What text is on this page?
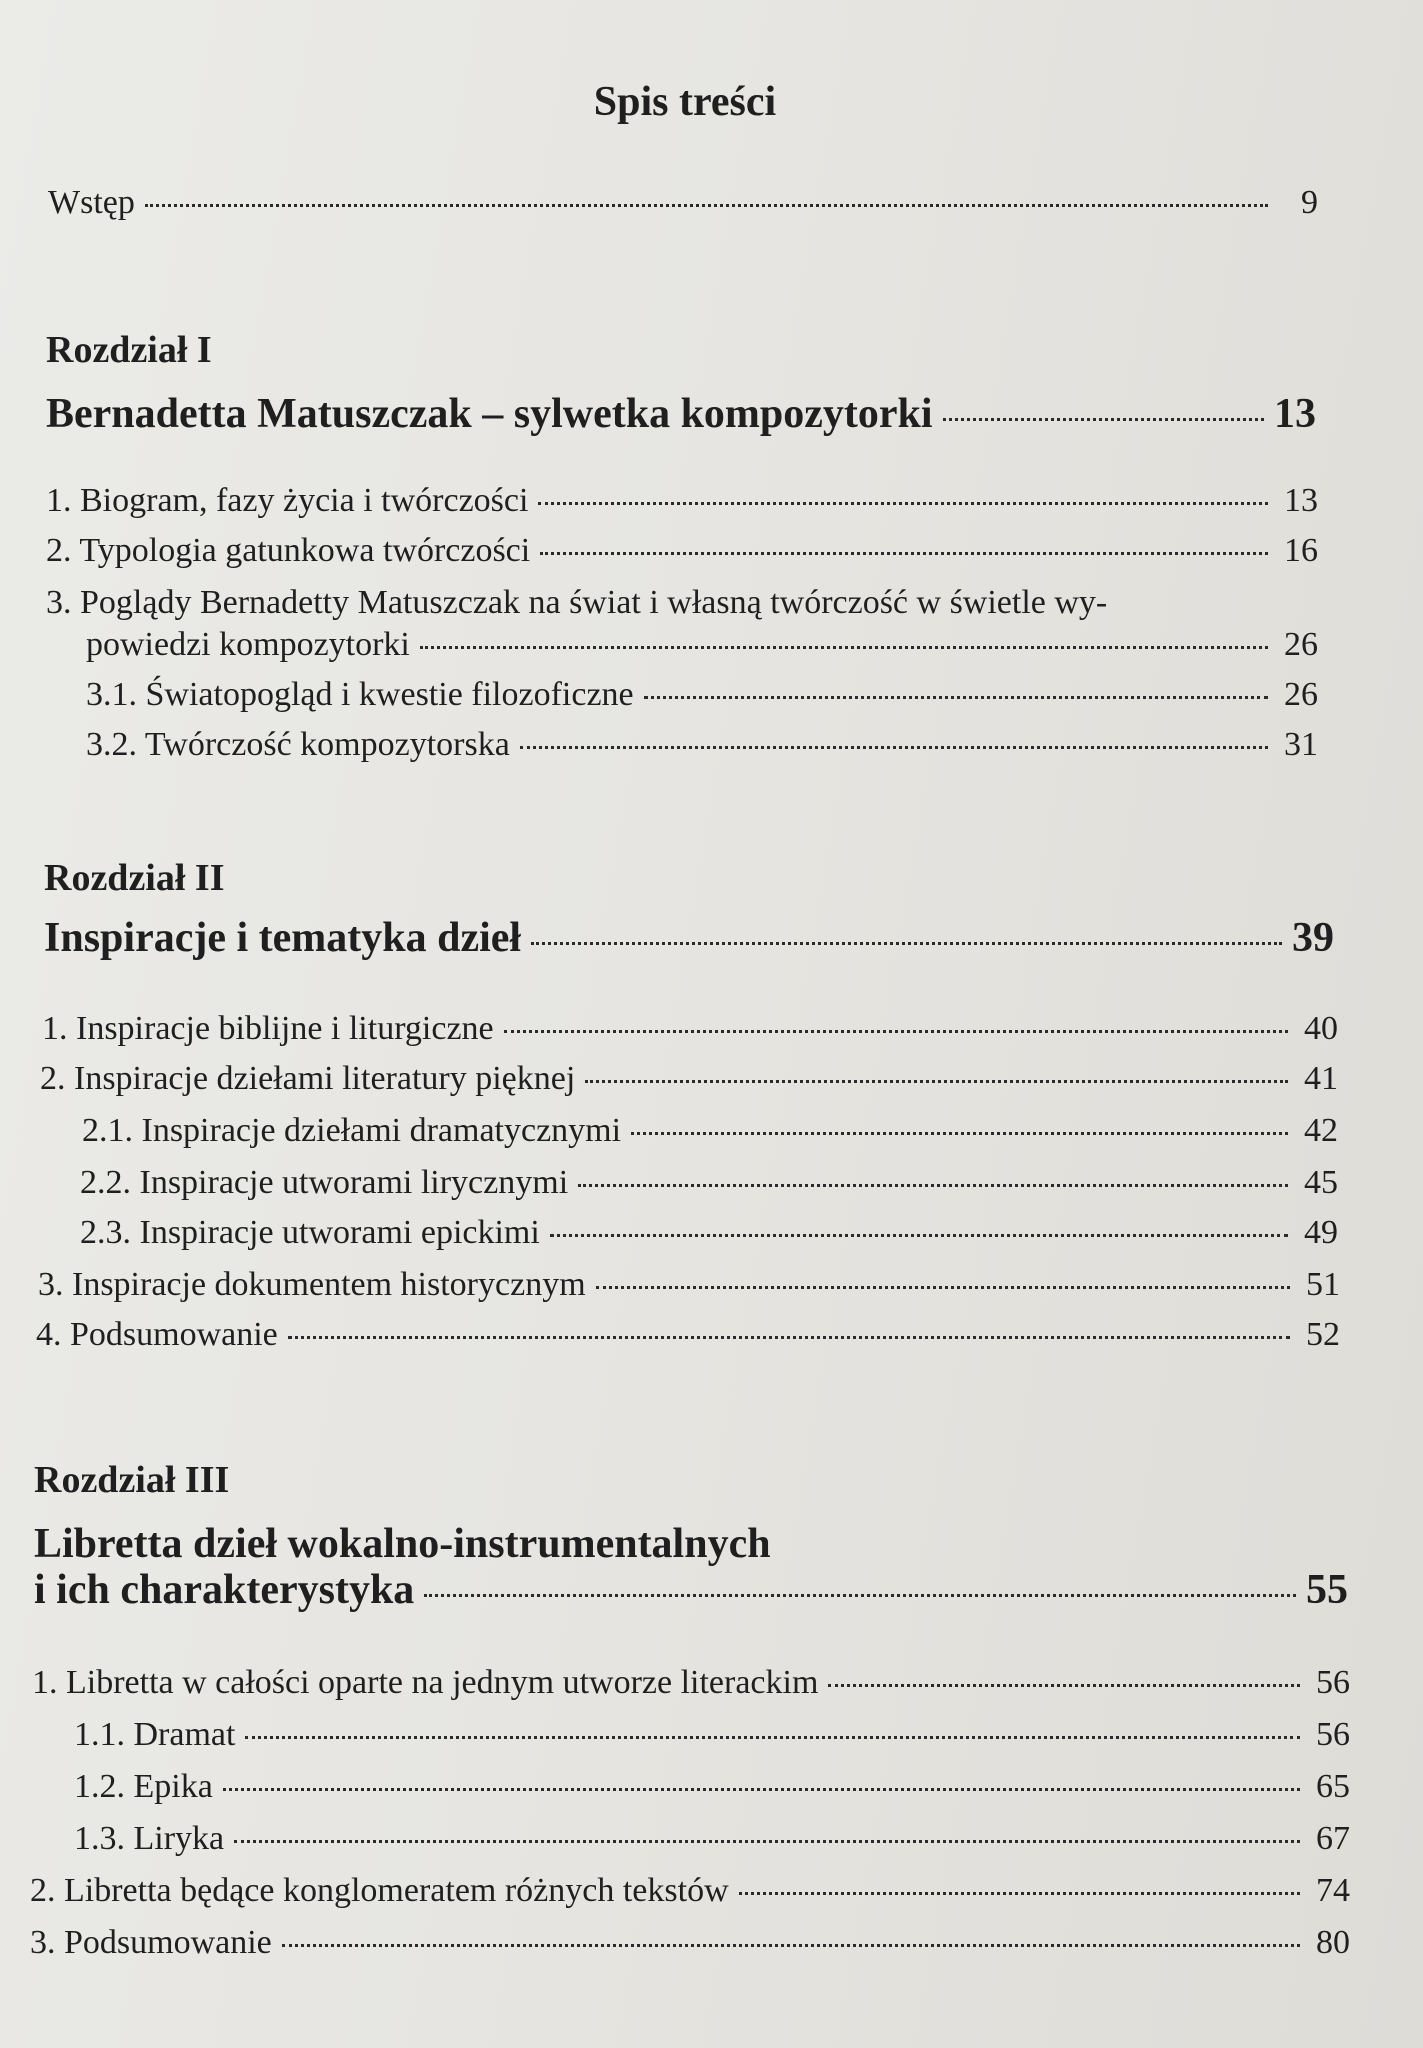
Spis treści
Wstęp	9
Rozdział I
Bernadetta Matuszczak – sylwetka kompozytorki	13
1. Biogram, fazy życia i twórczości	13
2. Typologia gatunkowa twórczości	16
3. Poglądy Bernadetty Matuszczak na świat i własną twórczość w świetle wy-
powiedzi kompozytorki	26
3.1. Światopogląd i kwestie filozoficzne	26
3.2. Twórczość kompozytorska	31
Rozdział II
Inspiracje i tematyka dzieł	39
1. Inspiracje biblijne i liturgiczne	40
2. Inspiracje dziełami literatury pięknej	41
2.1. Inspiracje dziełami dramatycznymi	42
2.2. Inspiracje utworami lirycznymi	45
2.3. Inspiracje utworami epickimi	49
3. Inspiracje dokumentem historycznym	51
4. Podsumowanie	52
Rozdział III
Libretta dzieł wokalno-instrumentalnych
i ich charakterystyka	55
1. Libretta w całości oparte na jednym utworze literackim	56
1.1. Dramat	56
1.2. Epika	65
1.3. Liryka	67
2. Libretta będące konglomeratem różnych tekstów	74
3. Podsumowanie	80
